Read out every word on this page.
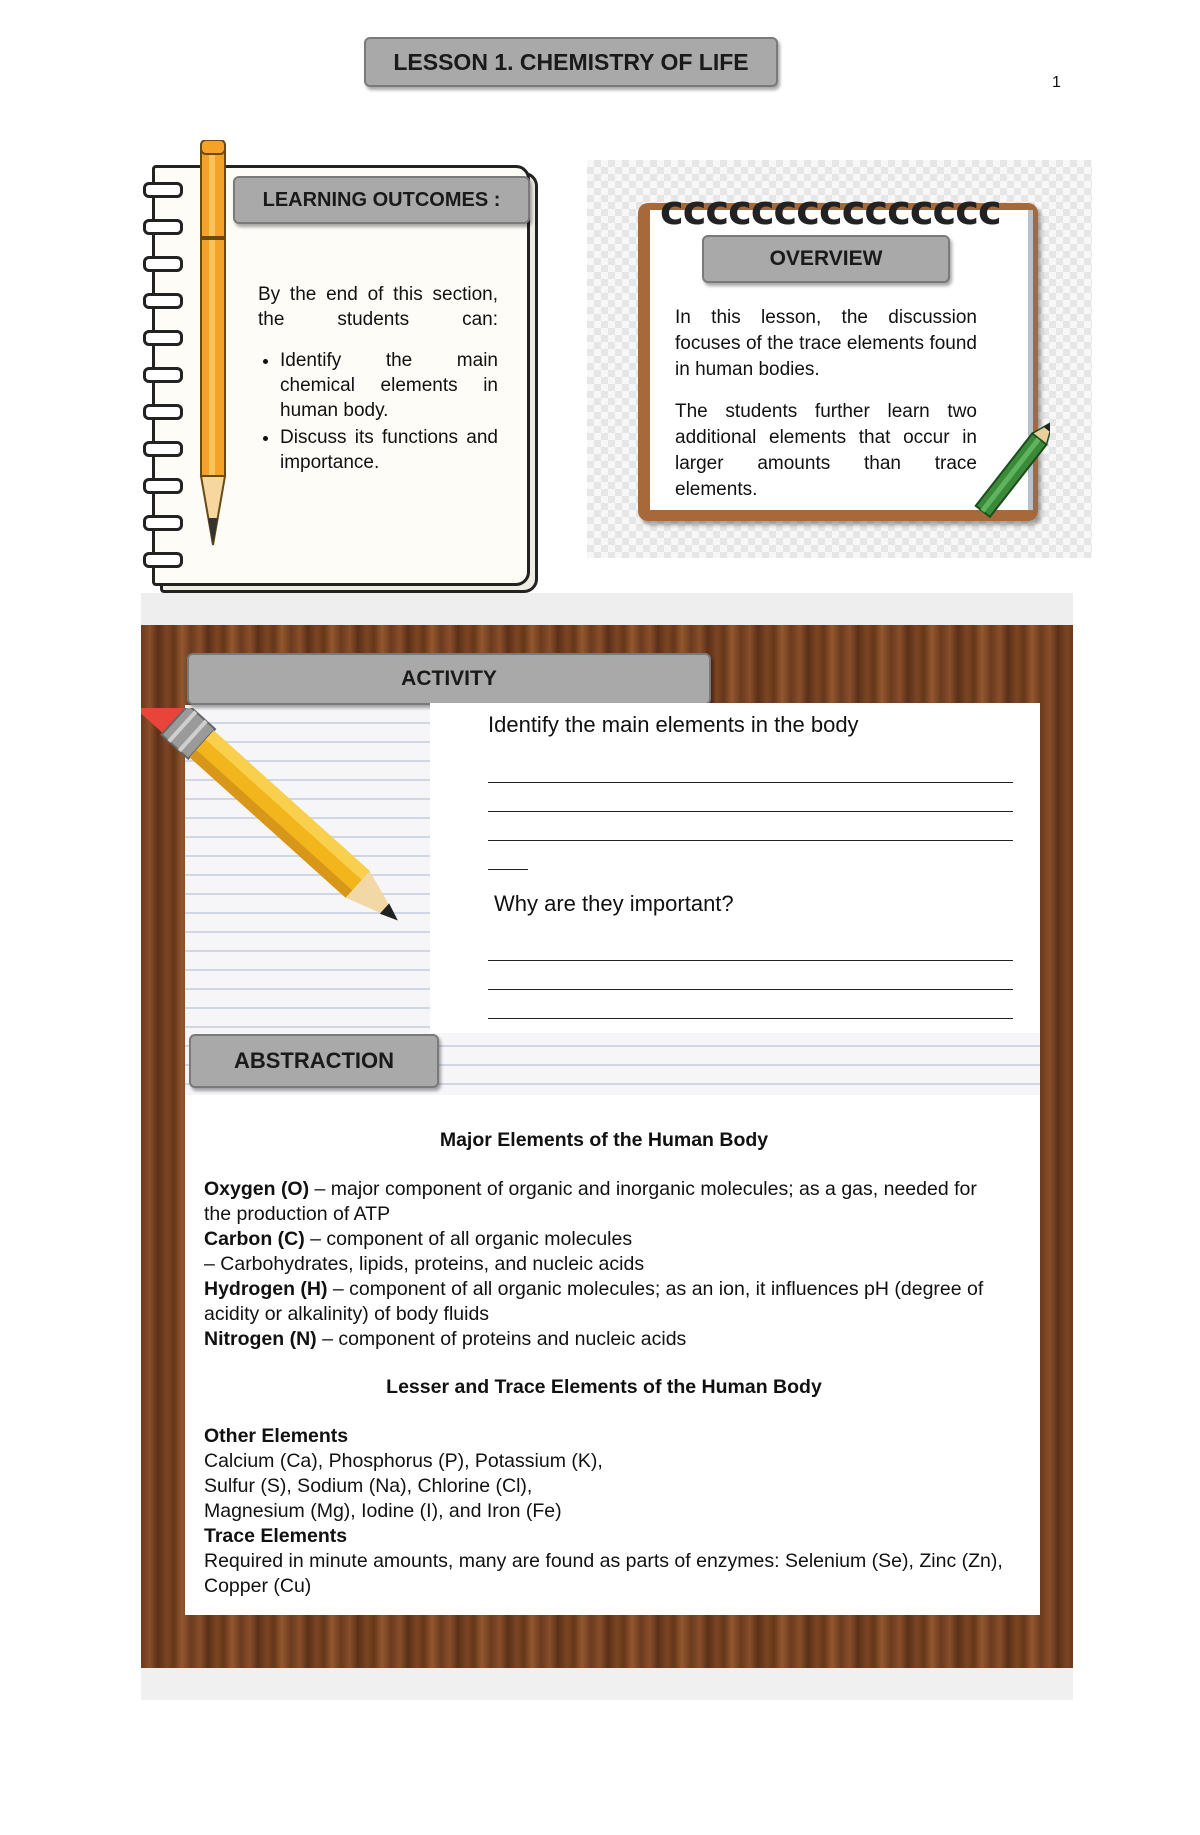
LESSON 1. CHEMISTRY OF LIFE
1
LEARNING OUTCOMES :

By the end of this section, the students can:

• Identify the main chemical elements in human body.
• Discuss its functions and importance.
ccccccccccccccc
OVERVIEW

In this lesson, the discussion focuses of the trace elements found in human bodies.

The students further learn two additional elements that occur in larger amounts than trace elements.

ACTIVITY
Identify the main elements in the body
Why are they important?
ABSTRACTION

Major Elements of the Human Body

Oxygen (O) – major component of organic and inorganic molecules; as a gas, needed for the production of ATP

Carbon (C) – component of all organic molecules

– Carbohydrates, lipids, proteins, and nucleic acids

Hydrogen (H) – component of all organic molecules; as an ion, it influences pH (degree of acidity or alkalinity) of body fluids

Nitrogen (N) – component of proteins and nucleic acids

Lesser and Trace Elements of the Human Body

Other Elements

Calcium (Ca), Phosphorus (P), Potassium (K),

Sulfur (S), Sodium (Na), Chlorine (Cl),

Magnesium (Mg), Iodine (I), and Iron (Fe)

Trace Elements

Required in minute amounts, many are found as parts of enzymes: Selenium (Se), Zinc (Zn), Copper (Cu)
